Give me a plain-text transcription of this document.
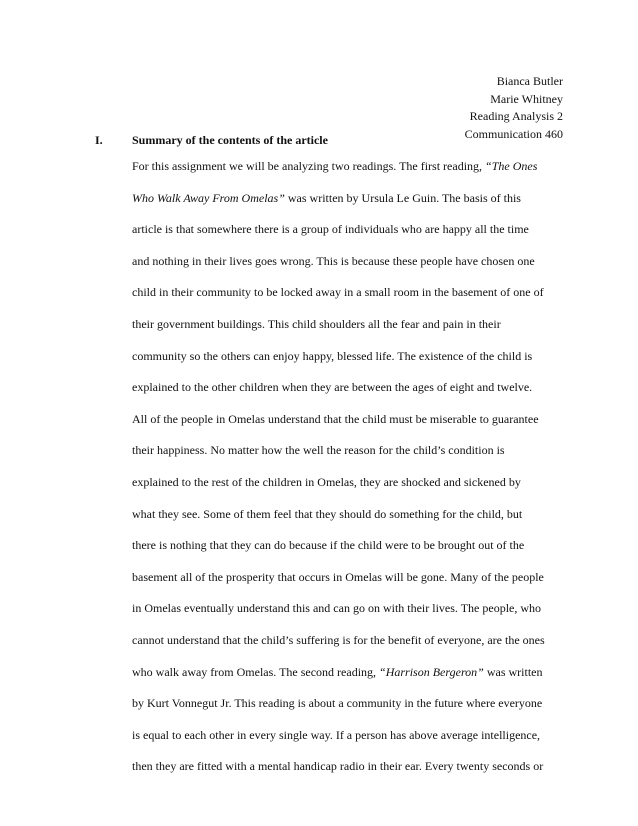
Bianca Butler
Marie Whitney
Reading Analysis 2
Communication 460
I. Summary of the contents of the article
For this assignment we will be analyzing two readings. The first reading, “The Ones
Who Walk Away From Omelas” was written by Ursula Le Guin. The basis of this
article is that somewhere there is a group of individuals who are happy all the time
and nothing in their lives goes wrong. This is because these people have chosen one
child in their community to be locked away in a small room in the basement of one of
their government buildings. This child shoulders all the fear and pain in their
community so the others can enjoy happy, blessed life. The existence of the child is
explained to the other children when they are between the ages of eight and twelve.
All of the people in Omelas understand that the child must be miserable to guarantee
their happiness. No matter how the well the reason for the child’s condition is
explained to the rest of the children in Omelas, they are shocked and sickened by
what they see. Some of them feel that they should do something for the child, but
there is nothing that they can do because if the child were to be brought out of the
basement all of the prosperity that occurs in Omelas will be gone. Many of the people
in Omelas eventually understand this and can go on with their lives. The people, who
cannot understand that the child’s suffering is for the benefit of everyone, are the ones
who walk away from Omelas. The second reading, “Harrison Bergeron” was written
by Kurt Vonnegut Jr. This reading is about a community in the future where everyone
is equal to each other in every single way. If a person has above average intelligence,
then they are fitted with a mental handicap radio in their ear. Every twenty seconds or
